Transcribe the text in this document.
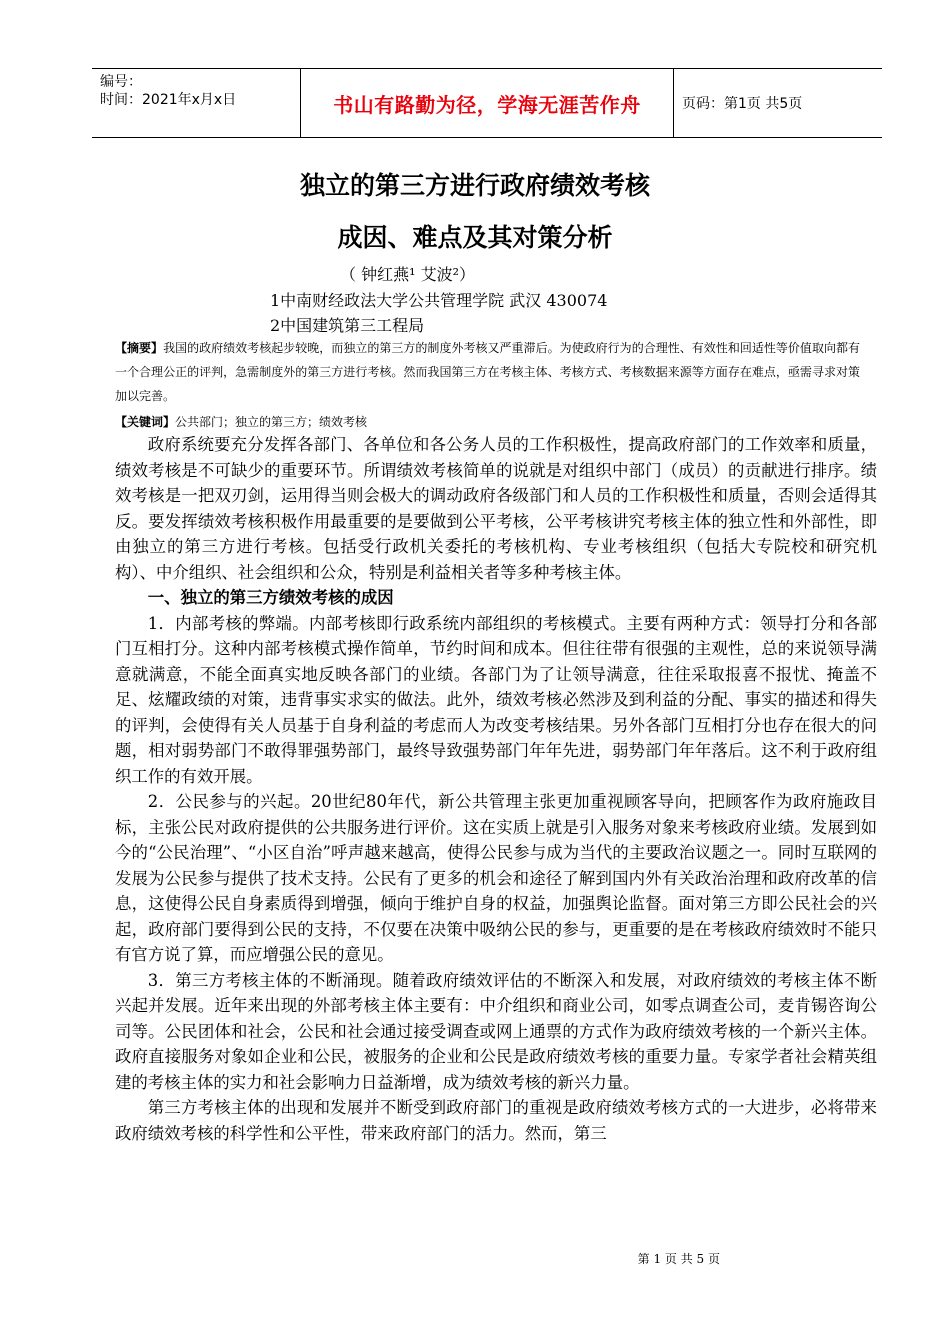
编号：
时间：2021年x月x日	书山有路勤为径，学海无涯苦作舟	页码：第1页 共5页
独立的第三方进行政府绩效考核
成因、难点及其对策分析
（ 钟红燕¹ 艾波²）
1中南财经政法大学公共管理学院 武汉 430074
2中国建筑第三工程局
【摘要】我国的政府绩效考核起步较晚，而独立的第三方的制度外考核又严重滞后。为使政府行为的合理性、有效性和回适性等价值取向都有一个合理公正的评判，急需制度外的第三方进行考核。然而我国第三方在考核主体、考核方式、考核数据来源等方面存在难点，亟需寻求对策加以完善。
【关键词】公共部门；独立的第三方；绩效考核

政府系统要充分发挥各部门、各单位和各公务人员的工作积极性，提高政府部门的工作效率和质量，绩效考核是不可缺少的重要环节。所谓绩效考核简单的说就是对组织中部门（成员）的贡献进行排序。绩效考核是一把双刃剑，运用得当则会极大的调动政府各级部门和人员的工作积极性和质量，否则会适得其反。要发挥绩效考核积极作用最重要的是要做到公平考核，公平考核讲究考核主体的独立性和外部性，即由独立的第三方进行考核。包括受行政机关委托的考核机构、专业考核组织（包括大专院校和研究机构）、中介组织、社会组织和公众，特别是利益相关者等多种考核主体。

一、独立的第三方绩效考核的成因

1．内部考核的弊端。内部考核即行政系统内部组织的考核模式。主要有两种方式：领导打分和各部门互相打分。这种内部考核模式操作简单，节约时间和成本。但往往带有很强的主观性，总的来说领导满意就满意，不能全面真实地反映各部门的业绩。各部门为了让领导满意，往往采取报喜不报忧、掩盖不足、炫耀政绩的对策，违背事实求实的做法。此外，绩效考核必然涉及到利益的分配、事实的描述和得失的评判，会使得有关人员基于自身利益的考虑而人为改变考核结果。另外各部门互相打分也存在很大的问题，相对弱势部门不敢得罪强势部门，最终导致强势部门年年先进，弱势部门年年落后。这不利于政府组织工作的有效开展。

2．公民参与的兴起。20世纪80年代，新公共管理主张更加重视顾客导向，把顾客作为政府施政目标，主张公民对政府提供的公共服务进行评价。这在实质上就是引入服务对象来考核政府业绩。发展到如今的“公民治理”、“小区自治”呼声越来越高，使得公民参与成为当代的主要政治议题之一。同时互联网的发展为公民参与提供了技术支持。公民有了更多的机会和途径了解到国内外有关政治治理和政府改革的信息，这使得公民自身素质得到增强，倾向于维护自身的权益，加强舆论监督。面对第三方即公民社会的兴起，政府部门要得到公民的支持，不仅要在决策中吸纳公民的参与，更重要的是在考核政府绩效时不能只有官方说了算，而应增强公民的意见。

3．第三方考核主体的不断涌现。随着政府绩效评估的不断深入和发展，对政府绩效的考核主体不断兴起并发展。近年来出现的外部考核主体主要有：中介组织和商业公司，如零点调查公司，麦肯锡咨询公司等。公民团体和社会，公民和社会通过接受调查或网上通票的方式作为政府绩效考核的一个新兴主体。政府直接服务对象如企业和公民，被服务的企业和公民是政府绩效考核的重要力量。专家学者社会精英组建的考核主体的实力和社会影响力日益渐增，成为绩效考核的新兴力量。

第三方考核主体的出现和发展并不断受到政府部门的重视是政府绩效考核方式的一大进步，必将带来政府绩效考核的科学性和公平性，带来政府部门的活力。然而，第三

第 1 页 共 5 页
